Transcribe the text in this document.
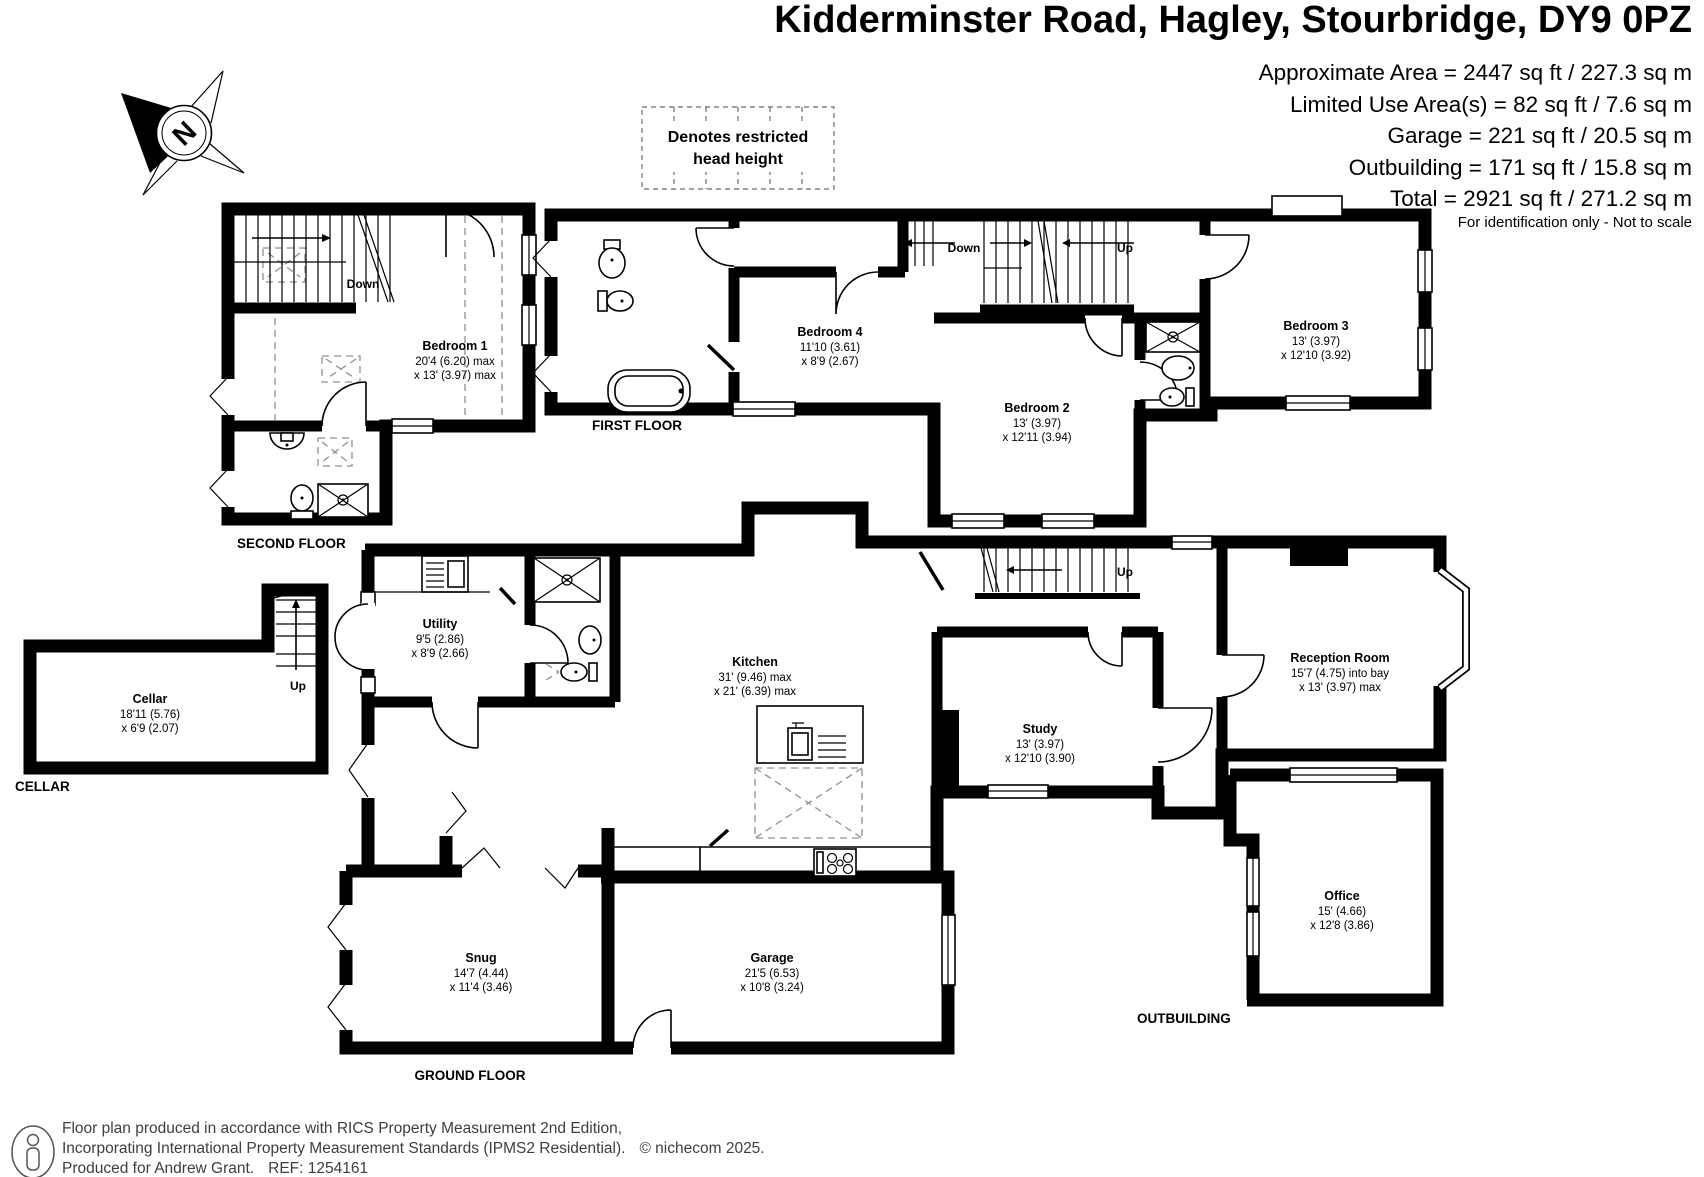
Kidderminster Road, Hagley, Stourbridge, DY9 0PZ
Approximate Area = 2447 sq ft / 227.3 sq m
Limited Use Area(s) = 82 sq ft / 7.6 sq m
Garage = 221 sq ft / 20.5 sq m
Outbuilding = 171 sq ft / 15.8 sq m
Total = 2921 sq ft / 271.2 sq m
For identification only - Not to scale
N	Denotes restricted
head height
Down
Bedroom 1
20'4 (6.20) max
x 13' (3.97) max
SECOND FLOOR
Down	Up
Bedroom 4
11'10 (3.61)
x 8'9 (2.67)
Bedroom 2
13' (3.97)
x 12'11 (3.94)
Bedroom 3
13' (3.97)
x 12'10 (3.92)
FIRST FLOOR
Up
Cellar
18'11 (5.76)
x 6'9 (2.07)
CELLAR
Up
Utility
9'5 (2.86)
x 8'9 (2.66)
Kitchen
31' (9.46) max
x 21' (6.39) max
Study
13' (3.97)
x 12'10 (3.90)
Reception Room
15'7 (4.75) into bay
x 13' (3.97) max
Snug
14'7 (4.44)
x 11'4 (3.46)
Garage
21'5 (6.53)
x 10'8 (3.24)
GROUND FLOOR
Office
15' (4.66)
x 12'8 (3.86)
OUTBUILDING
Floor plan produced in accordance with RICS Property Measurement 2nd Edition,
Incorporating International Property Measurement Standards (IPMS2 Residential). © nichecom 2025.
Produced for Andrew Grant. REF: 1254161
